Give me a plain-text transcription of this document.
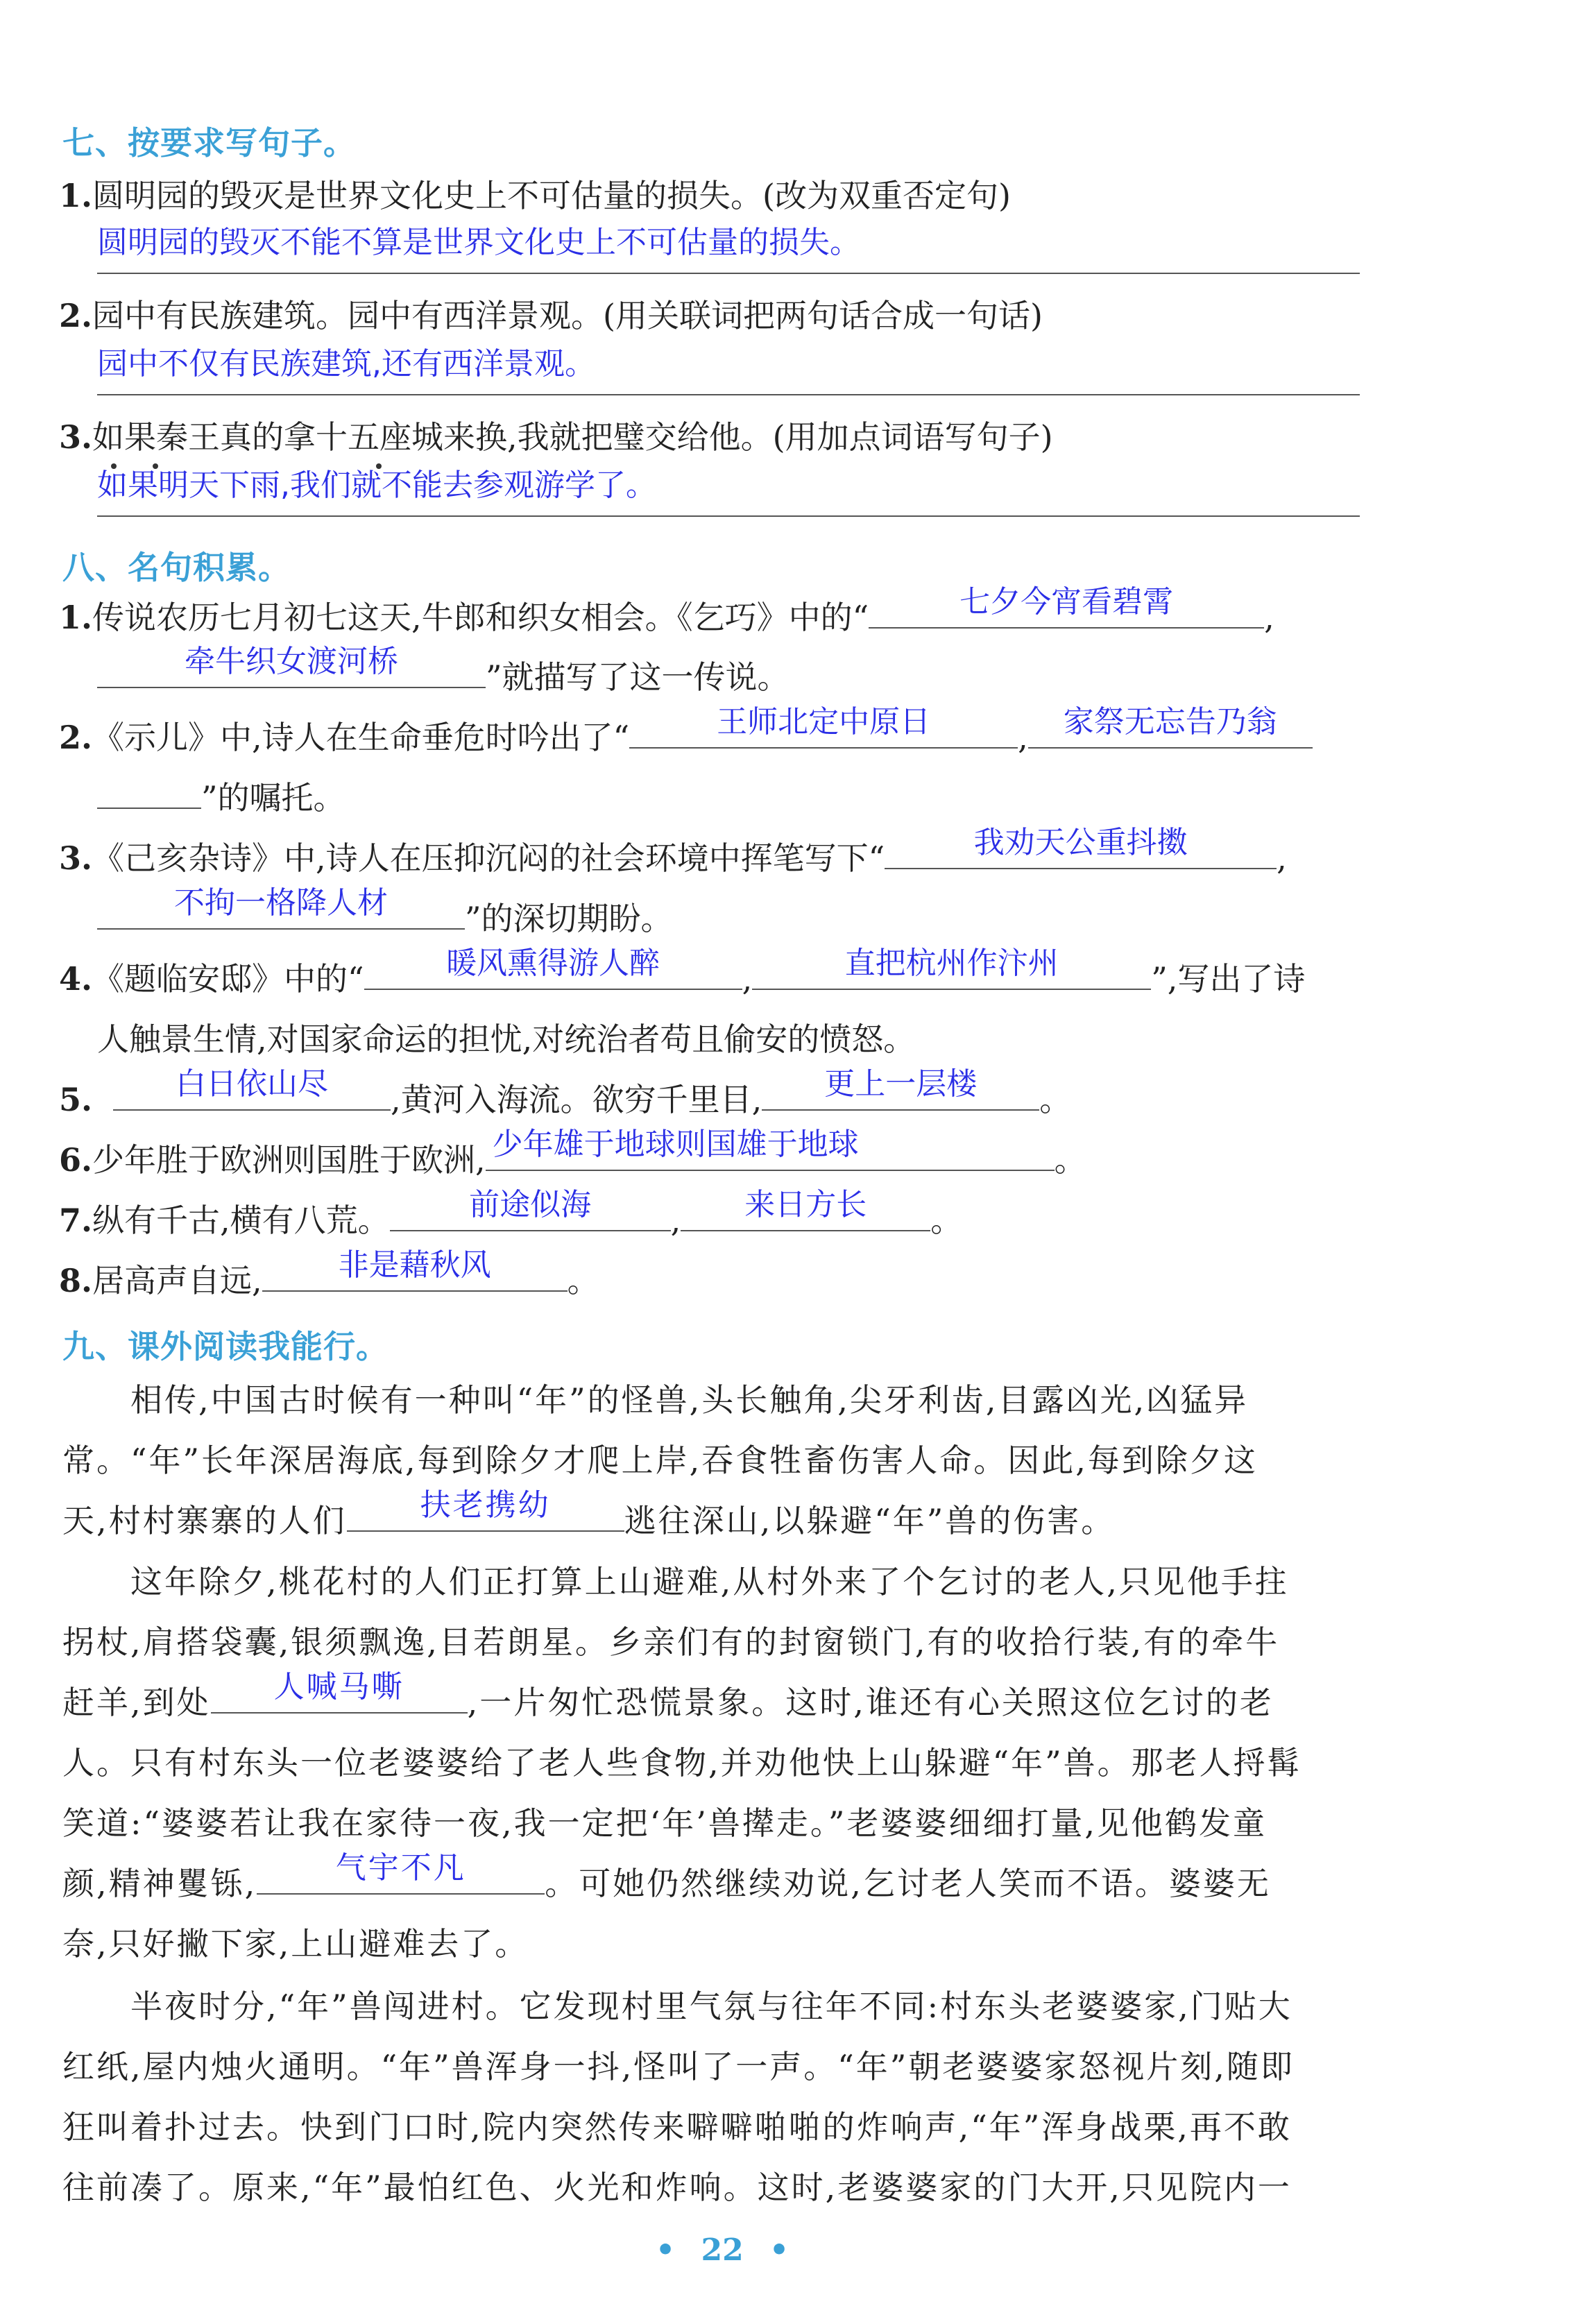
七、按要求写句子。
1.圆明园的毁灭是世界文化史上不可估量的损失。(改为双重否定句)
圆明园的毁灭不能不算是世界文化史上不可估量的损失。
2.园中有民族建筑。园中有西洋景观。(用关联词把两句话合成一句话)
园中不仅有民族建筑,还有西洋景观。
3.如果秦王真的拿十五座城来换,我就把璧交给他。(用加点词语写句子)
如果明天下雨,我们就不能去参观游学了。
八、名句积累。
1.传说农历七月初七这天,牛郎和织女相会。《乞巧》中的“	七夕今宵看碧霄	,
牵牛织女渡河桥	”就描写了这一传说。
2.《示儿》中,诗人在生命垂危时吟出了“	王师北定中原日	,	家祭无忘告乃翁
”的嘱托。
3.《己亥杂诗》中,诗人在压抑沉闷的社会环境中挥笔写下“	我劝天公重抖擞	,
不拘一格降人材	”的深切期盼。
4.《题临安邸》中的“	暖风熏得游人醉	,	直把杭州作汴州	”,写出了诗
人触景生情,对国家命运的担忧,对统治者苟且偷安的愤怒。
5.	白日依山尽	,黄河入海流。欲穷千里目,	更上一层楼	。
6.少年胜于欧洲则国胜于欧洲, 少年雄于地球则国雄于地球	。
7.纵有千古,横有八荒。	前途似海	,	来日方长	。
8.居高声自远,	非是藉秋风	。
九、课外阅读我能行。
相传,中国古时候有一种叫“年”的怪兽,头长触角,尖牙利齿,目露凶光,凶猛异
常。“年”长年深居海底,每到除夕才爬上岸,吞食牲畜伤害人命。因此,每到除夕这
天,村村寨寨的人们	扶老携幼	逃往深山,以躲避“年”兽的伤害。
这年除夕,桃花村的人们正打算上山避难,从村外来了个乞讨的老人,只见他手拄
拐杖,肩搭袋囊,银须飘逸,目若朗星。乡亲们有的封窗锁门,有的收拾行装,有的牵牛
赶羊,到处	人喊马嘶	,一片匆忙恐慌景象。这时,谁还有心关照这位乞讨的老
人。只有村东头一位老婆婆给了老人些食物,并劝他快上山躲避“年”兽。那老人捋髯
笑道:“婆婆若让我在家待一夜,我一定把‘年’兽撵走。”老婆婆细细打量,见他鹤发童
颜,精神矍铄,	气宇不凡	。可她仍然继续劝说,乞讨老人笑而不语。婆婆无
奈,只好撇下家,上山避难去了。
半夜时分,“年”兽闯进村。它发现村里气氛与往年不同:村东头老婆婆家,门贴大
红纸,屋内烛火通明。“年”兽浑身一抖,怪叫了一声。“年”朝老婆婆家怒视片刻,随即
狂叫着扑过去。快到门口时,院内突然传来噼噼啪啪的炸响声,“年”浑身战栗,再不敢
往前凑了。原来,“年”最怕红色、火光和炸响。这时,老婆婆家的门大开,只见院内一
• 22 •
